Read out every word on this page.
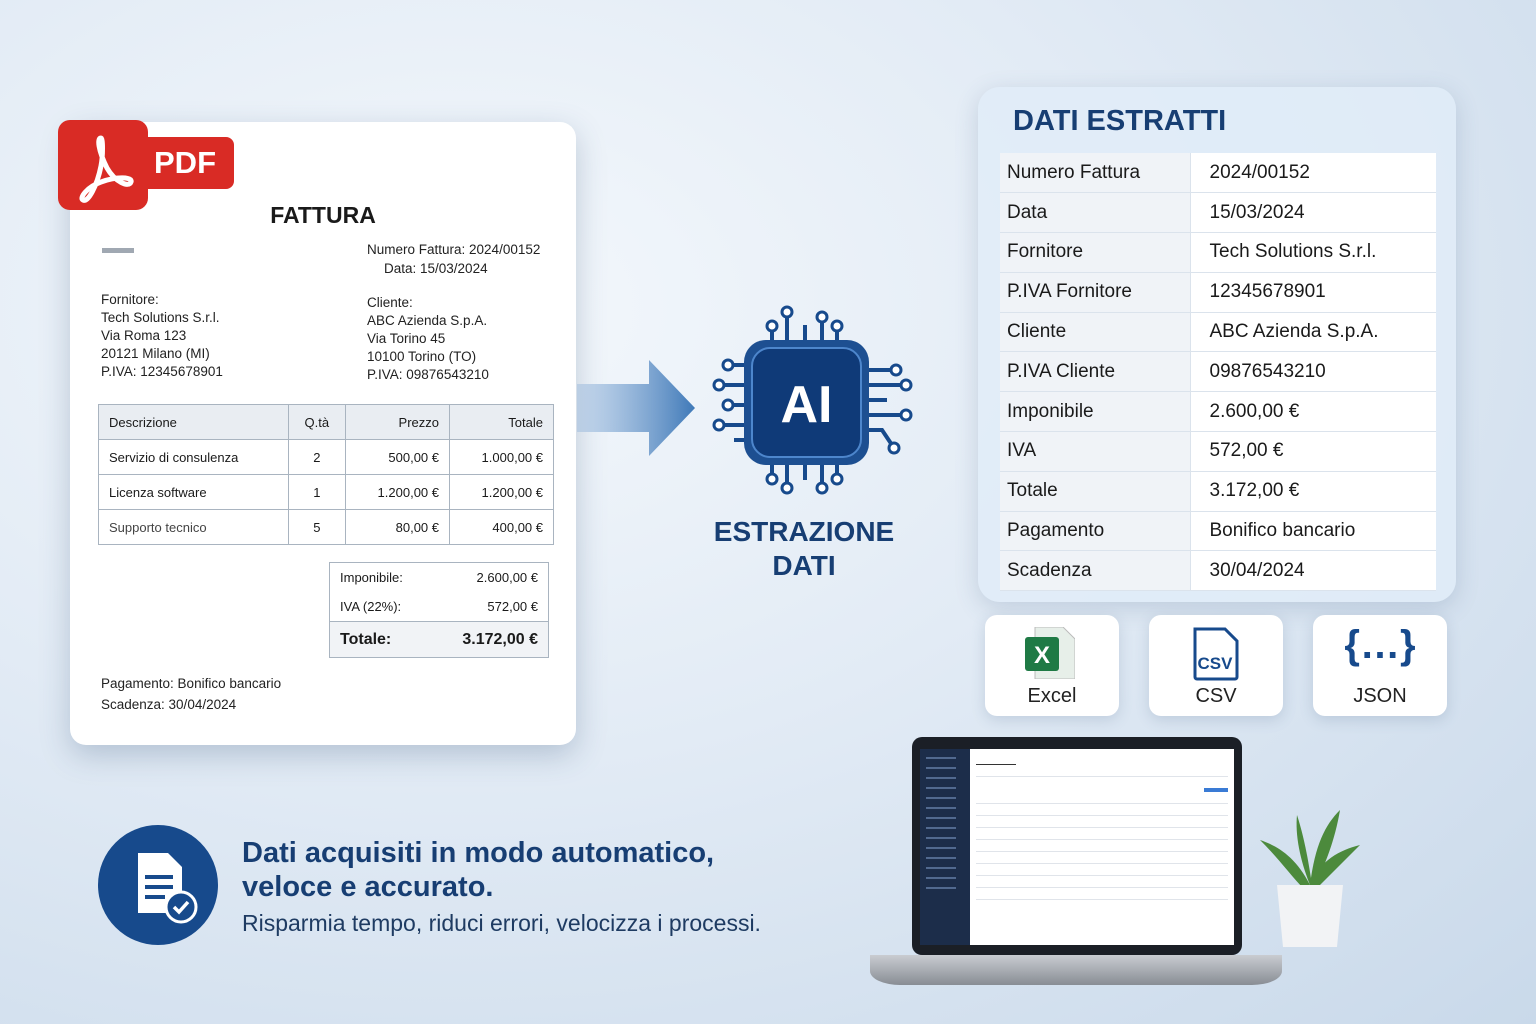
FATTURA
Numero Fattura: 2024/00152
Data: 15/03/2024
Fornitore:
Tech Solutions S.r.l.
Via Roma 123
20121 Milano (MI)
P.IVA: 12345678901
Cliente:
ABC Azienda S.p.A.
Via Torino 45
10100 Torino (TO)
P.IVA: 09876543210
Descrizione	Q.tà	Prezzo	Totale
Servizio di consulenza	2	500,00 €	1.000,00 €
Licenza software	1	1.200,00 €	1.200,00 €
Supporto tecnico	5	80,00 €	400,00 €
Imponibile:	2.600,00 €
IVA (22%):	572,00 €
Totale:	3.172,00 €
Pagamento: Bonifico bancario
Scadenza: 30/04/2024
PDF
AI
ESTRAZIONE
DATI
DATI ESTRATTI
Numero Fattura	2024/00152
Data	15/03/2024
Fornitore	Tech Solutions S.r.l.
P.IVA Fornitore	12345678901
Cliente	ABC Azienda S.p.A.
P.IVA Cliente	09876543210
Imponibile	2.600,00 €
IVA	572,00 €
Totale	3.172,00 €
Pagamento	Bonifico bancario
Scadenza	30/04/2024
X
Excel
CSV
CSV
{…}
JSON
Dati acquisiti in modo automatico,
veloce e accurato.
Risparmia tempo, riduci errori, velocizza i processi.
